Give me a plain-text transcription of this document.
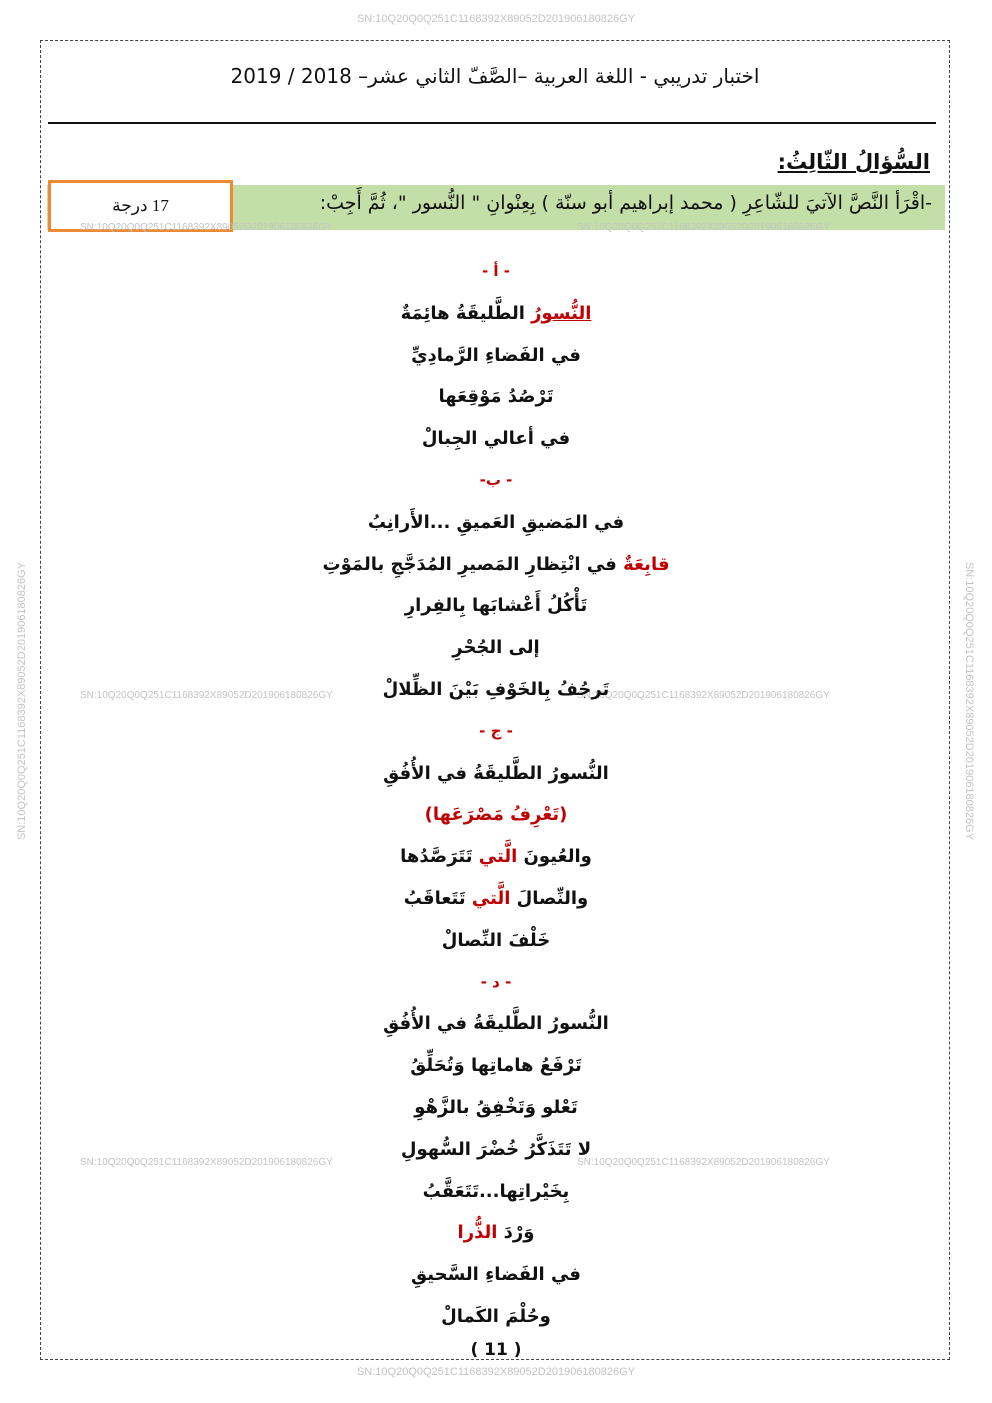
SN:10Q20Q0Q251C1168392X89052D201906180826GY
SN:10Q20Q0Q251C1168392X89052D201906180826GY
SN:10Q20Q0Q251C1168392X89052D201906180826GY	SN:10Q20Q0Q251C1168392X89052D201906180826GY
اختبار تدريبي - اللغة العربية –الصَّفّ الثاني عشر– 2018 / 2019
السُّؤالُ الثّالِثُ:
-اقْرَأ النَّصَّ الآتيَ للشّاعِرِ ( محمد إبراهيم أبو سنّة ) بِعِنْوانِ " النُّسور "، ثُمَّ أَجِبْ:
17 درجة
SN:10Q20Q0Q251C1168392X89052D201906180826GY	SN:10Q20Q0Q251C1168392X89052D201906180826GY
SN:10Q20Q0Q251C1168392X89052D201906180826GY	SN:10Q20Q0Q251C1168392X89052D201906180826GY
SN:10Q20Q0Q251C1168392X89052D201906180826GY	SN:10Q20Q0Q251C1168392X89052D201906180826GY
- أ -
النُّسورُ الطَّليقَةُ هائِمَةٌ
في الفَضاءِ الرَّمادِيِّ
تَرْصُدُ مَوْقِعَها
في أعالي الجِبالْ
- ب-
في المَضيقِ العَميقِ ...الأَرانِبُ
قابِعَةٌ في انْتِظارِ المَصيرِ المُدَجَّجِ بالمَوْتِ
تَأْكُلُ أَعْشابَها بِالفِرارِ
إلى الجُحْرِ
تَرجُفُ بِالخَوْفِ بَيْنَ الظِّلالْ
- ج -
النُّسورُ الطَّليقَةُ في الأُفُقِ
(تَعْرِفُ مَصْرَعَها)
والعُيونَ الَّتي تَتَرَصَّدُها
والنِّصالَ الَّتي تَتَعاقَبُ
خَلْفَ النِّصالْ
- د -
النُّسورُ الطَّليقَةُ في الأُفُقِ
تَرْفَعُ هاماتِها وَتُحَلِّقُ
تَعْلو وَتَخْفِقُ بالزَّهْوِ
لا تَتَذَكَّرُ خُضْرَ السُّهولِ
بِخَيْراتِها...تَتَعَقَّبُ
وَرْدَ الذُّرا
في الفَضاءِ السَّحيقِ
وحُلْمَ الكَمالْ
( 11 )
